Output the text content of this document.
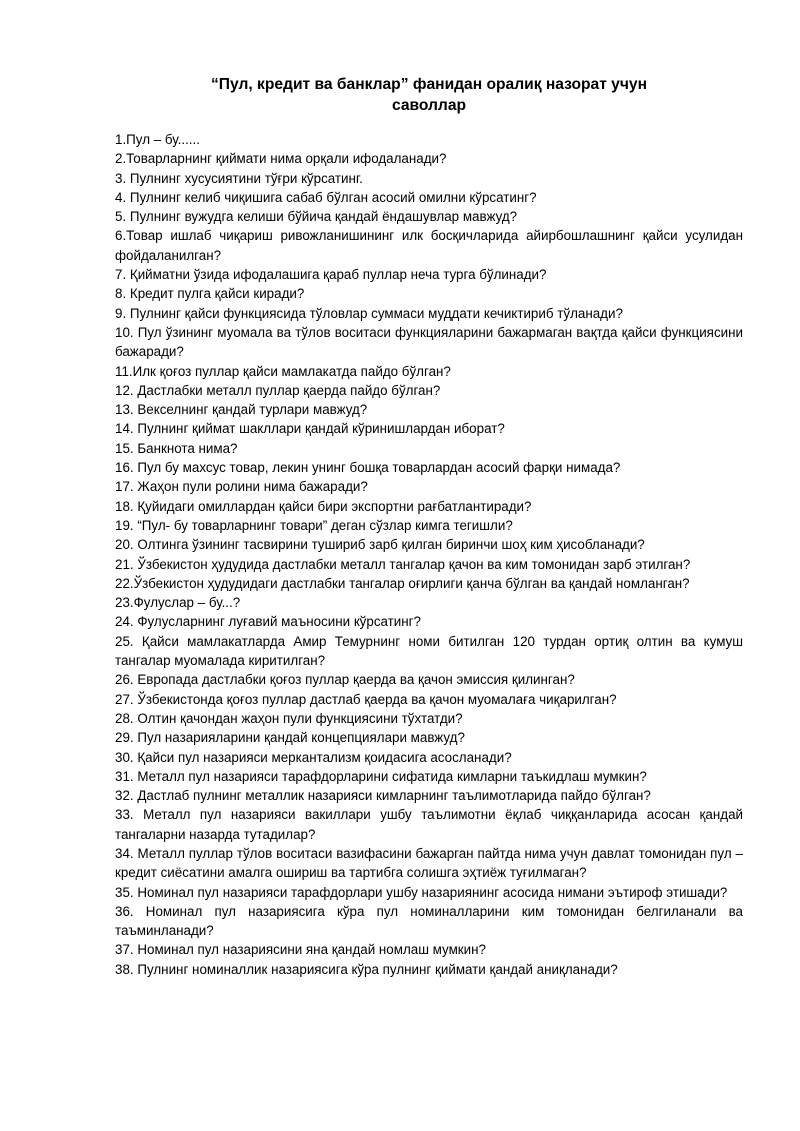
“Пул, кредит ва банклар” фанидан оралиқ назорат учун
саволлар
1.Пул – бу......
2.Товарларнинг қиймати нима орқали ифодаланади?
3. Пулнинг хусусиятини тўғри кўрсатинг.
4. Пулнинг келиб чиқишига сабаб бўлган асосий омилни кўрсатинг?
5. Пулнинг вужудга келиши бўйича қандай ёндашувлар мавжуд?
6.Товар ишлаб чиқариш ривожланишининг илк босқичларида айирбошлашнинг қайси усулидан фойдаланилган?
7. Қийматни ўзида ифодалашига қараб пуллар неча турга бўлинади?
8. Кредит пулга қайси киради?
9. Пулнинг қайси функциясида тўловлар суммаси муддати кечиктириб тўланади?
10. Пул ўзининг муомала ва тўлов воситаси функцияларини бажармаган вақтда қайси функциясини бажаради?
11.Илк қоғоз пуллар қайси мамлакатда пайдо бўлган?
12. Дастлабки металл пуллар қаерда пайдо бўлган?
13. Векселнинг қандай турлари мавжуд?
14. Пулнинг қиймат шакллари қандай кўринишлардан иборат?
15. Банкнота нима?
16. Пул бу махсус товар, лекин унинг бошқа товарлардан асосий фарқи нимада?
17. Жаҳон пули ролини нима бажаради?
18. Қуйидаги омиллардан қайси бири экспортни рағбатлантиради?
19. “Пул- бу товарларнинг товари” деган сўзлар кимга тегишли?
20. Олтинга ўзининг тасвирини тушириб зарб қилган биринчи шоҳ ким ҳисобланади?
21. Ўзбекистон ҳудудида дастлабки металл тангалар қачон ва ким томонидан зарб этилган?
22.Ўзбекистон ҳудудидаги дастлабки тангалар оғирлиги қанча бўлган ва қандай номланган?
23.Фулуслар – бу...?
24. Фулусларнинг луғавий маъносини кўрсатинг?
25. Қайси мамлакатларда Амир Темурнинг номи битилган 120 турдан ортиқ олтин ва кумуш тангалар муомалада киритилган?
26. Европада дастлабки қоғоз пуллар қаерда ва қачон эмиссия қилинган?
27. Ўзбекистонда қоғоз пуллар дастлаб қаерда ва қачон муомалаға чиқарилган?
28. Олтин қачондан жаҳон пули функциясини тўхтатди?
29. Пул назарияларини қандай концепциялари мавжуд?
30. Қайси пул назарияси меркантализм қоидасига асосланади?
31. Металл пул назарияси тарафдорларини сифатида кимларни таъкидлаш мумкин?
32. Дастлаб пулнинг металлик назарияси кимларнинг таълимотларида пайдо бўлган?
33. Металл пул назарияси вакиллари ушбу таълимотни ёқлаб чиққанларида асосан қандай тангаларни назарда тутадилар?
34. Металл пуллар тўлов воситаси вазифасини бажарган пайтда нима учун давлат томонидан пул – кредит сиёсатини амалга ошириш ва тартибга солишга эҳтиёж туғилмаган?
35. Номинал пул назарияси тарафдорлари ушбу назариянинг асосида нимани эътироф этишади?
36. Номинал пул назариясига кўра пул номиналларини ким томонидан белгиланали ва таъминланади?
37. Номинал пул назариясини яна қандай номлаш мумкин?
38. Пулнинг номиналлик назариясига кўра пулнинг қиймати қандай аниқланади?
